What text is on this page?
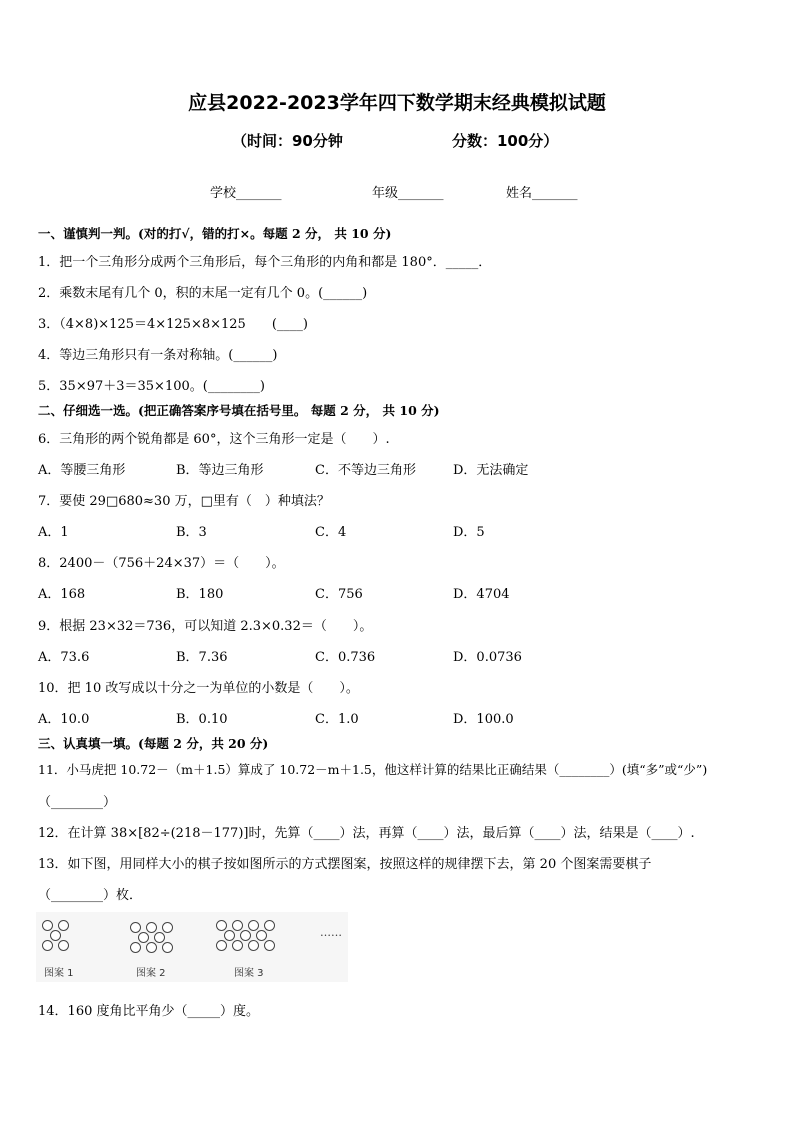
应县2022-2023学年四下数学期末经典模拟试题
（时间：90分钟	分数：100分）
学校_______	年级_______	姓名_______
一、谨慎判一判。(对的打√，错的打×。每题 2 分， 共 10 分)
1．把一个三角形分成两个三角形后，每个三角形的内角和都是 180°．_____．
2．乘数末尾有几个 0，积的末尾一定有几个 0。(______)
3．（4×8)×125＝4×125×8×125　　(____)
4．等边三角形只有一条对称轴。(______)
5．35×97＋3＝35×100。(________)
二、仔细选一选。(把正确答案序号填在括号里。 每题 2 分， 共 10 分)
6．三角形的两个锐角都是 60°，这个三角形一定是（　　）.
A．等腰三角形	B．等边三角形	C．不等边三角形	D．无法确定
7．要使 29□680≈30 万，□里有（　）种填法？
A．1	B．3	C．4	D．5
8．2400－（756＋24×37）＝（　　）。
A．168	B．180	C．756	D．4704
9．根据 23×32＝736，可以知道 2.3×0.32＝（　　）。
A．73.6	B．7.36	C．0.736	D．0.0736
10．把 10 改写成以十分之一为单位的小数是（　　）。
A．10.0	B．0.10	C．1.0	D．100.0
三、认真填一填。(每题 2 分，共 20 分)
11．小马虎把 10.72－（m＋1.5）算成了 10.72－m＋1.5，他这样计算的结果比正确结果（________）(填“多”或“少”)
（________）
12．在计算 38×[82÷(218－177)]时，先算（____）法，再算（____）法，最后算（____）法，结果是（____）.
13．如下图，用同样大小的棋子按如图所示的方式摆图案，按照这样的规律摆下去，第 20 个图案需要棋子
（________）枚．
……
图案 1	图案 2	图案 3
14．160 度角比平角少（_____）度。
